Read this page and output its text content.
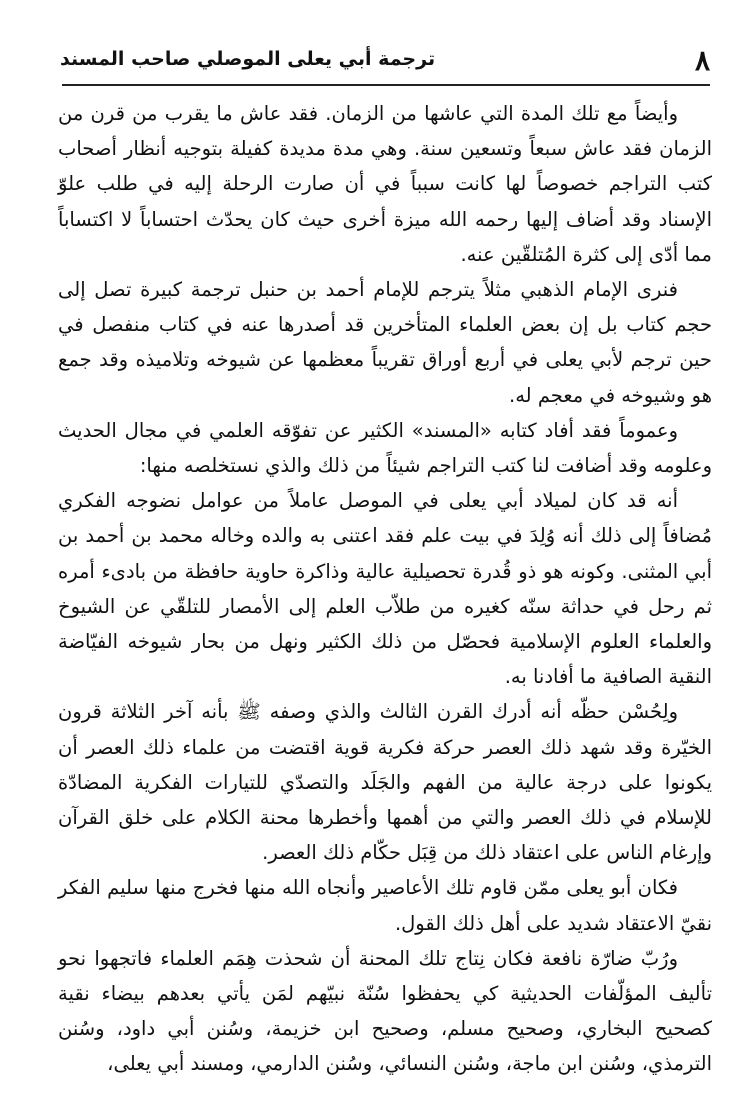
٨
ترجمة أبي يعلى الموصلي صاحب المسند

وأيضاً مع تلك المدة التي عاشها من الزمان. فقد عاش ما يقرب من قرن من الزمان فقد عاش سبعاً وتسعين سنة. وهي مدة مديدة كفيلة بتوجيه أنظار أصحاب كتب التراجم خصوصاً لها كانت سبباً في أن صارت الرحلة إليه في طلب علوّ الإسناد وقد أضاف إليها رحمه الله ميزة أخرى حيث كان يحدّث احتساباً لا اكتساباً مما أدّى إلى كثرة المُتلقّين عنه.

فنرى الإمام الذهبي مثلاً يترجم للإمام أحمد بن حنبل ترجمة كبيرة تصل إلى حجم كتاب بل إن بعض العلماء المتأخرين قد أصدرها عنه في كتاب منفصل في حين ترجم لأبي يعلى في أربع أوراق تقريباً معظمها عن شيوخه وتلاميذه وقد جمع هو وشيوخه في معجم له.

وعموماً فقد أفاد كتابه «المسند» الكثير عن تفوّقه العلمي في مجال الحديث وعلومه وقد أضافت لنا كتب التراجم شيئاً من ذلك والذي نستخلصه منها:

أنه قد كان لميلاد أبي يعلى في الموصل عاملاً من عوامل نضوجه الفكري مُضافاً إلى ذلك أنه وُلِدَ في بيت علم فقد اعتنى به والده وخاله محمد بن أحمد بن أبي المثنى. وكونه هو ذو قُدرة تحصيلية عالية وذاكرة حاوية حافظة من بادىء أمره ثم رحل في حداثة سنّه كغيره من طلاّب العلم إلى الأمصار للتلقّي عن الشيوخ والعلماء العلوم الإسلامية فحصّل من ذلك الكثير ونهل من بحار شيوخه الفيّاضة النقية الصافية ما أفادنا به.

ولِحُسْن حظّه أنه أدرك القرن الثالث والذي وصفه ﷺ بأنه آخر الثلاثة قرون الخيّرة وقد شهد ذلك العصر حركة فكرية قوية اقتضت من علماء ذلك العصر أن يكونوا على درجة عالية من الفهم والجَلَد والتصدّي للتيارات الفكرية المضادّة للإسلام في ذلك العصر والتي من أهمها وأخطرها محنة الكلام على خلق القرآن وإرغام الناس على اعتقاد ذلك من قِبَل حكّام ذلك العصر.

فكان أبو يعلى ممّن قاوم تلك الأعاصير وأنجاه الله منها فخرج منها سليم الفكر نقيّ الاعتقاد شديد على أهل ذلك القول.

ورُبّ ضارّة نافعة فكان نِتاج تلك المحنة أن شحذت هِمَم العلماء فاتجهوا نحو تأليف المؤلّفات الحديثية كي يحفظوا سُنّة نبيّهم لمَن يأتي بعدهم بيضاء نقية كصحيح البخاري، وصحيح مسلم، وصحيح ابن خزيمة، وسُنن أبي داود، وسُنن الترمذي، وسُنن ابن ماجة، وسُنن النسائي، وسُنن الدارمي، ومسند أبي يعلى،
